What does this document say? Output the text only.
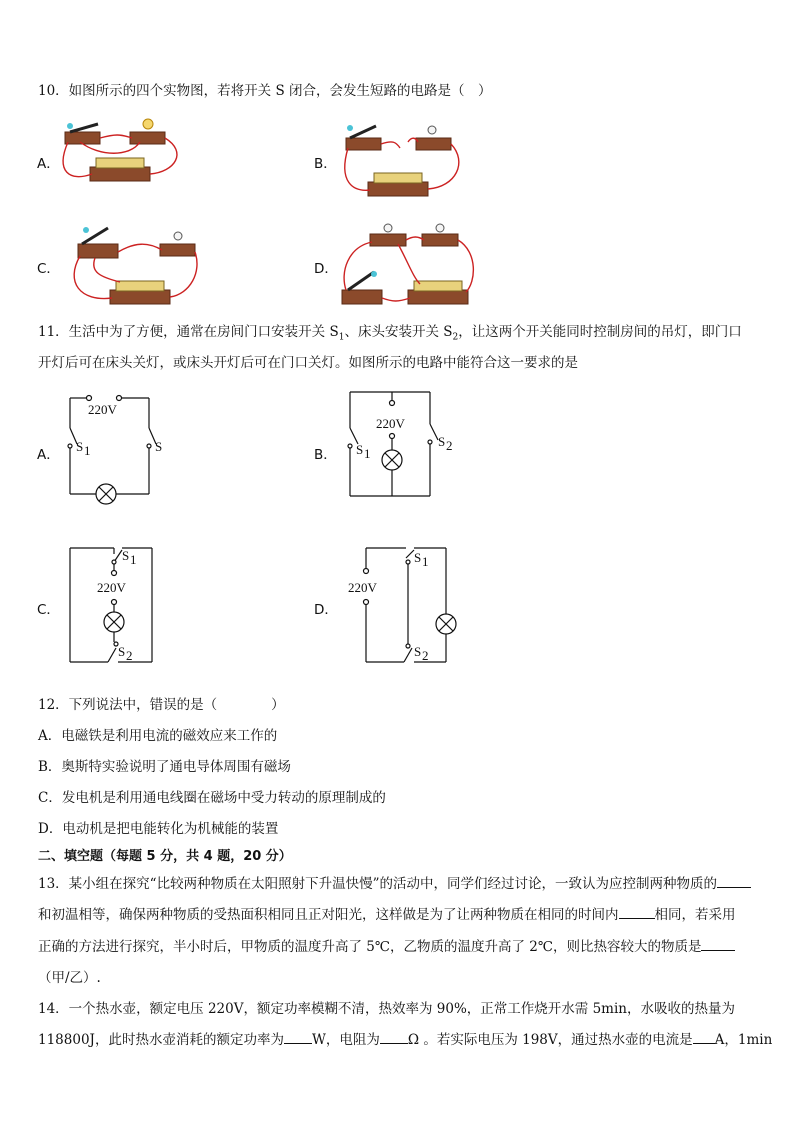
10．如图所示的四个实物图，若将开关 S 闭合，会发生短路的电路是（　）
A．	B．
C．	D．
11．生活中为了方便，通常在房间门口安装开关 $S_1$、床头安装开关 $S_2$，让这两个开关能同时控制房间的吊灯，即门口
开灯后可在床头关灯，或床头开灯后可在门口关灯。如图所示的电路中能符合这一要求的是
A．	B．
C．	D．
220V
S 1	S
220V
S 1
S 2
S 1
220V
S 2
S 1
220V
S 2
12．下列说法中，错误的是（　　　　）
A．电磁铁是利用电流的磁效应来工作的
B．奥斯特实验说明了通电导体周围有磁场
C．发电机是利用通电线圈在磁场中受力转动的原理制成的
D．电动机是把电能转化为机械能的装置
二、填空题（每题 5 分，共 4 题，20 分）
13．某小组在探究“比较两种物质在太阳照射下升温快慢”的活动中，同学们经过讨论，一致认为应控制两种物质的
和初温相等，确保两种物质的受热面积相同且正对阳光，这样做是为了让两种物质在相同的时间内	相同，若采用
正确的方法进行探究，半小时后，甲物质的温度升高了 5℃，乙物质的温度升高了 2℃，则比热容较大的物质是
（甲/乙）.
14．一个热水壶，额定电压 220V，额定功率模糊不清，热效率为 90%，正常工作烧开水需 5min，水吸收的热量为
118800J，此时热水壶消耗的额定功率为 W，电阻为 Ω 。若实际电压为 198V，通过热水壶的电流是 A，1min
